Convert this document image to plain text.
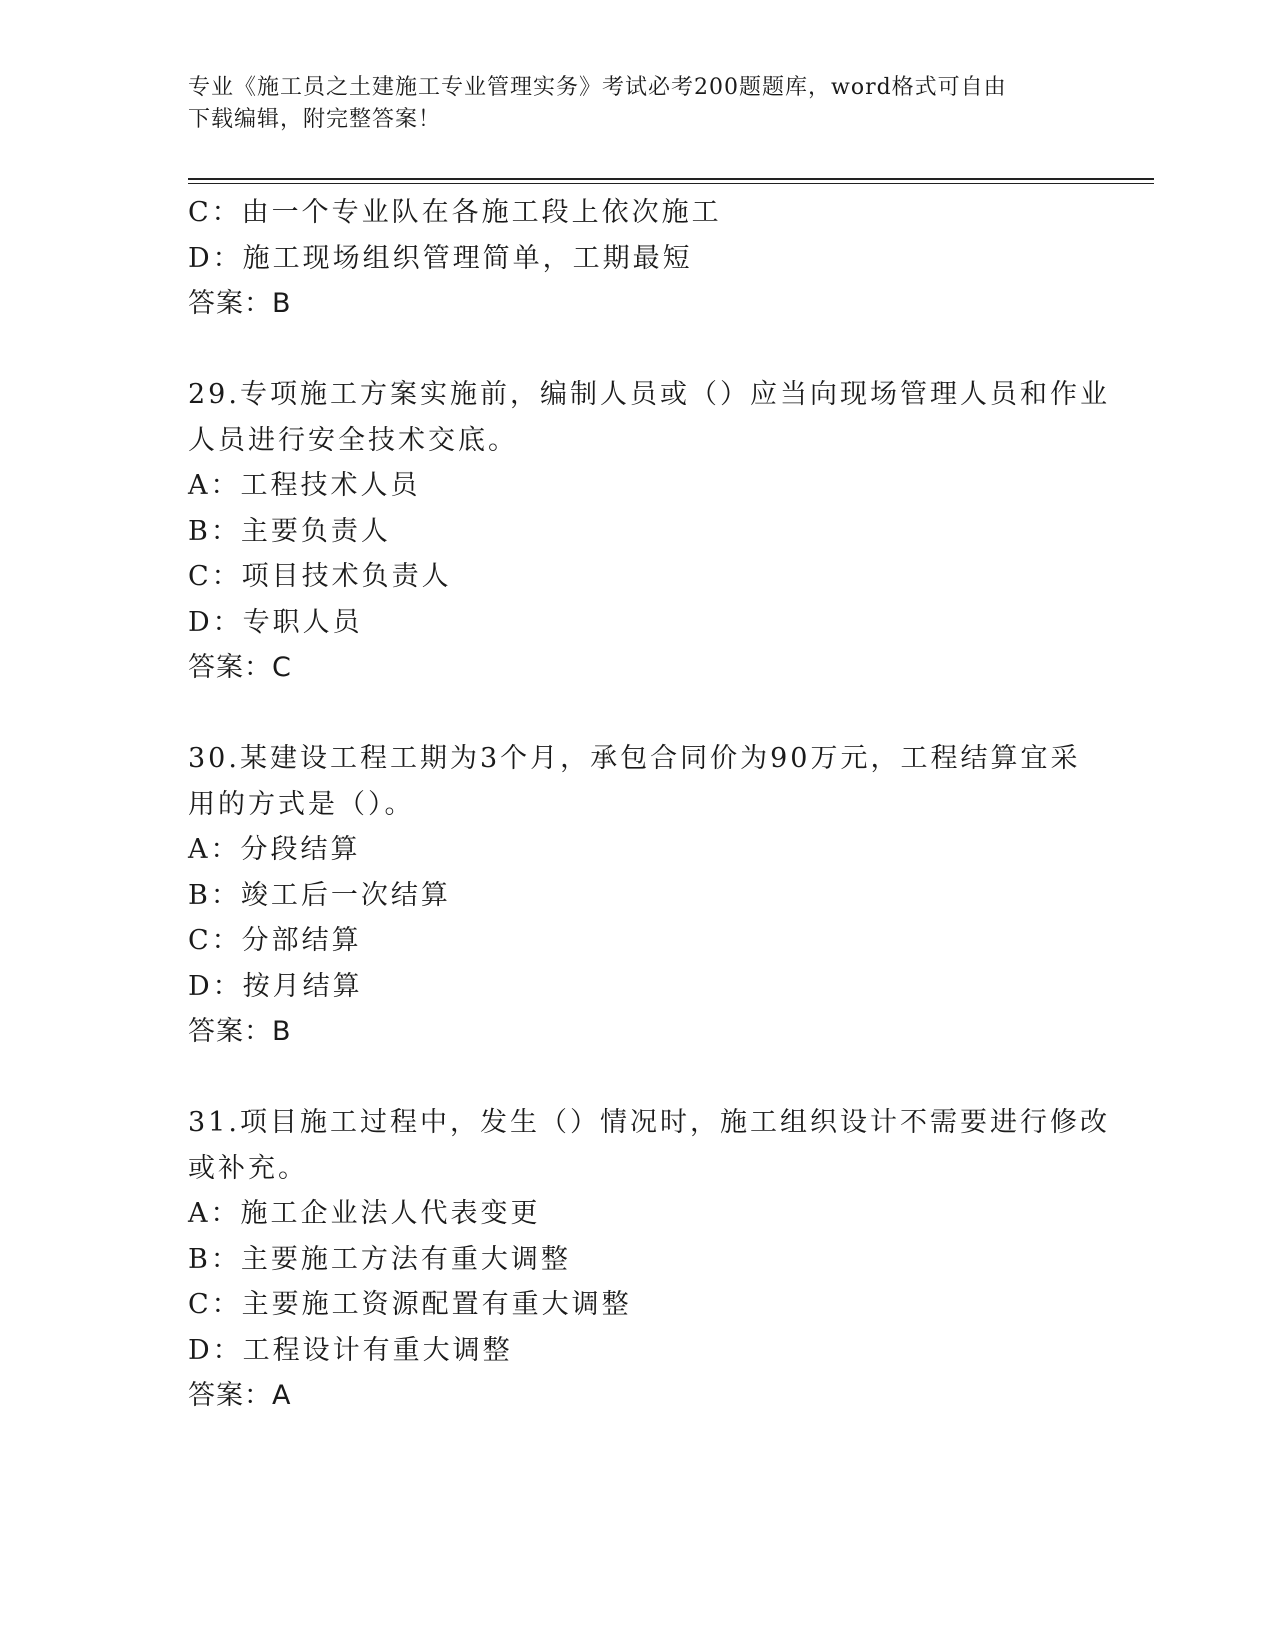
专业《施工员之土建施工专业管理实务》考试必考200题题库，word格式可自由
下载编辑，附完整答案！
C：由一个专业队在各施工段上依次施工
D：施工现场组织管理简单，工期最短
答案：B
29.专项施工方案实施前，编制人员或（）应当向现场管理人员和作业
人员进行安全技术交底。
A：工程技术人员
B：主要负责人
C：项目技术负责人
D：专职人员
答案：C
30.某建设工程工期为3个月，承包合同价为90万元，工程结算宜采
用的方式是（）。
A：分段结算
B：竣工后一次结算
C：分部结算
D：按月结算
答案：B
31.项目施工过程中，发生（）情况时，施工组织设计不需要进行修改
或补充。
A：施工企业法人代表变更
B：主要施工方法有重大调整
C：主要施工资源配置有重大调整
D：工程设计有重大调整
答案：A
